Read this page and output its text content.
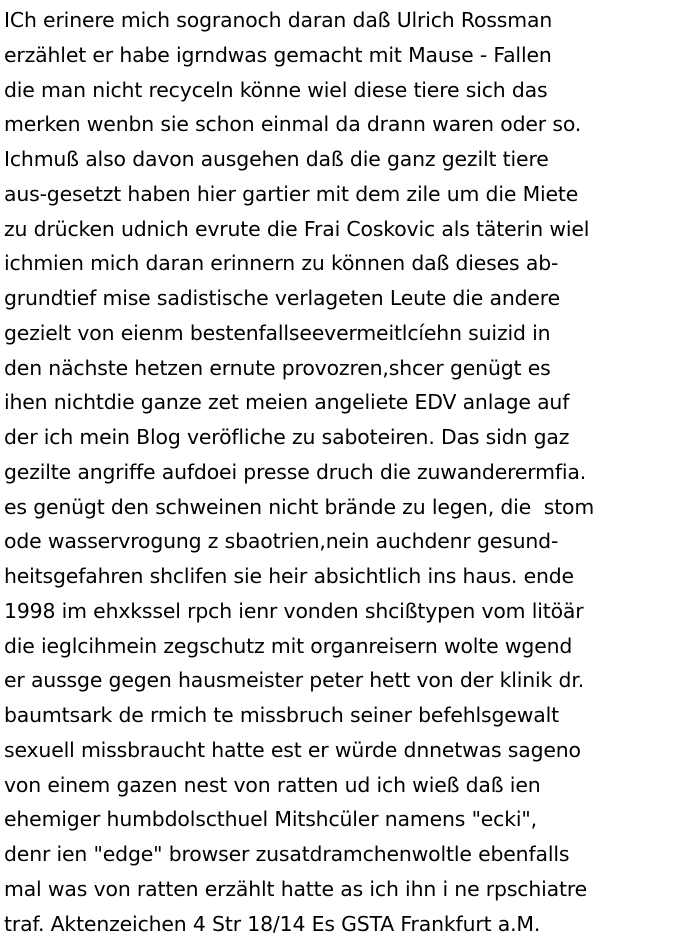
ICh erinere mich sogranoch daran daß Ulrich Rossman
erzählet er habe igrndwas gemacht mit Mause - Fallen
die man nicht recyceln könne wiel diese tiere sich das
merken wenbn sie schon einmal da drann waren oder so.
Ichmuß also davon ausgehen daß die ganz gezilt tiere
aus-gesetzt haben hier gartier mit dem zile um die Miete
zu drücken udnich evrute die Frai Coskovic als täterin wiel
ichmien mich daran erinnern zu können daß dieses ab-
grundtief mise sadistische verlageten Leute die andere
gezielt von eienm bestenfallseevermeitlcíehn suizid in
den nächste hetzen ernute provozren,shcer genügt es
ihen nichtdie ganze zet meien angeliete EDV anlage auf
der ich mein Blog veröfliche zu saboteiren. Das sidn gaz
gezilte angriffe aufdoei presse druch die zuwanderermfia.
es genügt den schweinen nicht brände zu legen, die  stom
ode wasservrogung z sbaotrien,nein auchdenr gesund-
heitsgefahren shclifen sie heir absichtlich ins haus. ende
1998 im ehxkssel rpch ienr vonden shcißtypen vom litöär
die ieglcihmein zegschutz mit organreisern wolte wgend
er aussge gegen hausmeister peter hett von der klinik dr.
baumtsark de rmich te missbruch seiner befehlsgewalt
sexuell missbraucht hatte est er würde dnnetwas sageno
von einem gazen nest von ratten ud ich wieß daß ien
ehemiger humbdolscthuel Mitshcüler namens "ecki",
denr ien "edge" browser zusatdramchenwoltle ebenfalls
mal was von ratten erzählt hatte as ich ihn i ne rpschiatre
traf. Aktenzeichen 4 Str 18/14 Es GSTA Frankfurt a.M.
